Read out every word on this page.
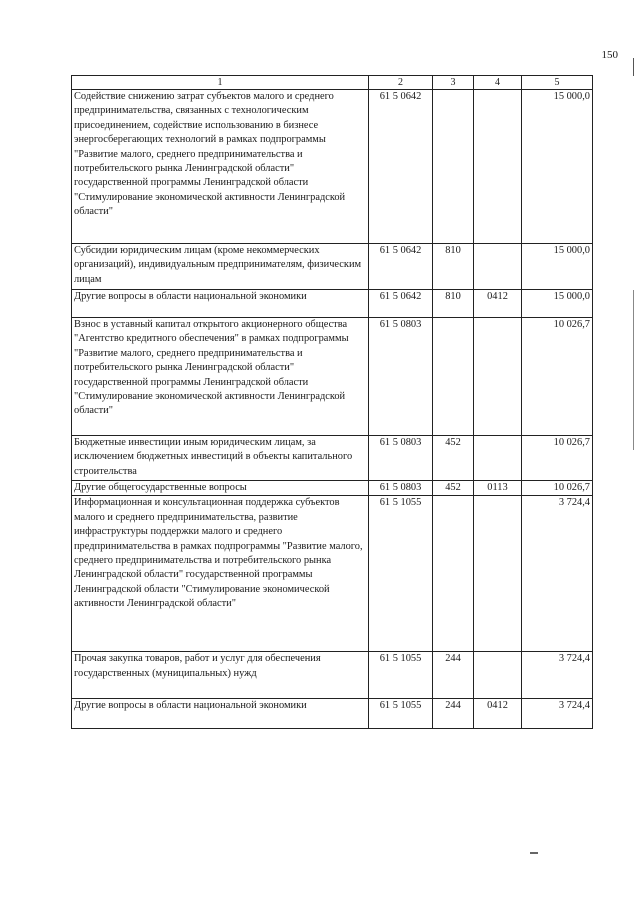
150
1	2	3	4	5
Содействие снижению затрат субъектов малого и среднего предпринимательства, связанных с технологическим присоединением, содействие использованию в бизнесе энергосберегающих технологий в рамках подпрограммы "Развитие малого, среднего предпринимательства и потребительского рынка Ленинградской области" государственной программы Ленинградской области "Стимулирование экономической активности Ленинградской области"	61 5 0642			15 000,0
Субсидии юридическим лицам (кроме некоммерческих организаций), индивидуальным предпринимателям, физическим лицам	61 5 0642	810		15 000,0
Другие вопросы в области национальной экономики	61 5 0642	810	0412	15 000,0
Взнос в уставный капитал открытого акционерного общества "Агентство кредитного обеспечения" в рамках подпрограммы "Развитие малого, среднего предпринимательства и потребительского рынка Ленинградской области" государственной программы Ленинградской области "Стимулирование экономической активности Ленинградской области"	61 5 0803			10 026,7
Бюджетные инвестиции иным юридическим лицам, за исключением бюджетных инвестиций в объекты капитального строительства	61 5 0803	452		10 026,7
Другие общегосударственные вопросы	61 5 0803	452	0113	10 026,7
Информационная и консультационная поддержка субъектов малого и среднего предпринимательства, развитие инфраструктуры поддержки малого и среднего предпринимательства в рамках подпрограммы "Развитие малого, среднего предпринимательства и потребительского рынка Ленинградской области" государственной программы Ленинградской области "Стимулирование экономической активности Ленинградской области"	61 5 1055			3 724,4
Прочая закупка товаров, работ и услуг для обеспечения государственных (муниципальных) нужд	61 5 1055	244		3 724,4
Другие вопросы в области национальной экономики	61 5 1055	244	0412	3 724,4
